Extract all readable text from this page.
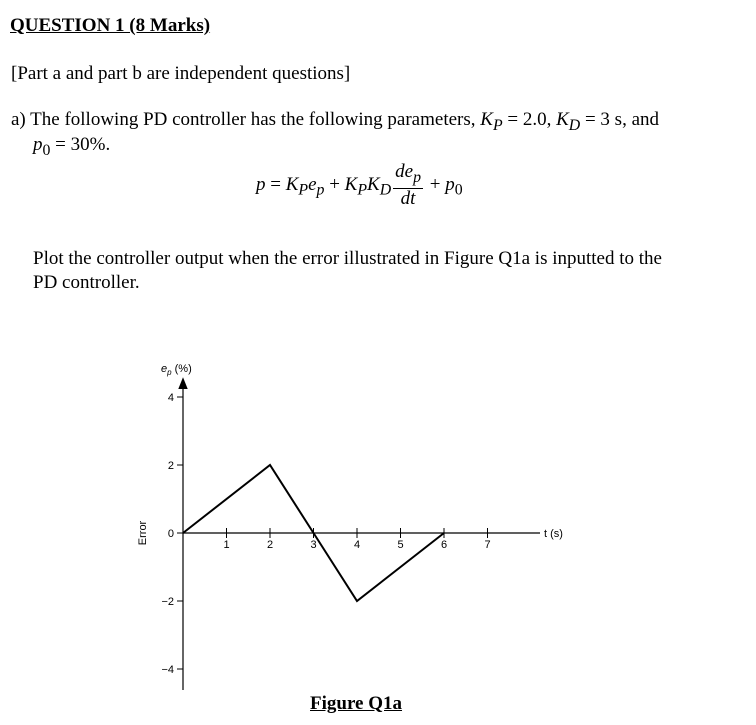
QUESTION 1 (8 Marks)
[Part a and part b are independent questions]
a) The following PD controller has the following parameters, $K_P = 2.0$, $K_D = 3$ s, and
$p_0 = 30\%$.
$p = K_Pe_p + K_PK_D \frac{de_p}{dt} + p_0$
Plot the controller output when the error illustrated in Figure Q1a is inputted to the
PD controller.
1	2	3	4	5	6	7
4
2
0
−2
−4
t (s)
$e_p$ (%)
Error
Figure Q1a
